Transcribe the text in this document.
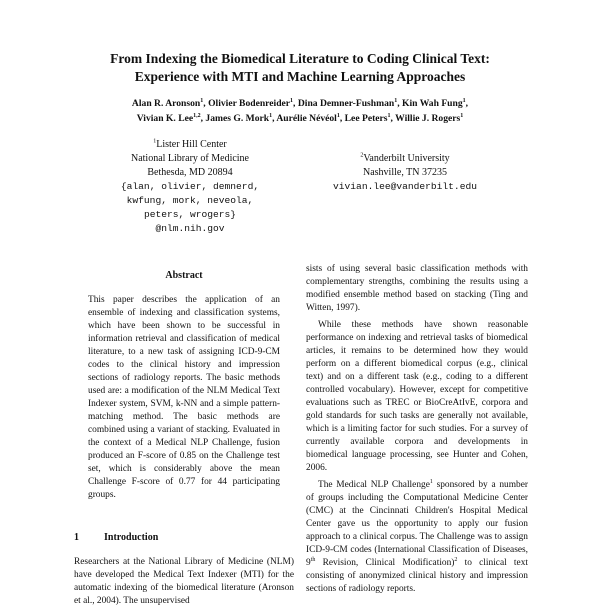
From Indexing the Biomedical Literature to Coding Clinical Text:
Experience with MTI and Machine Learning Approaches
Alan R. Aronson$^1$, Olivier Bodenreider$^1$, Dina Demner-Fushman$^1$, Kin Wah Fung$^1$,
Vivian K. Lee$^{1,2}$, James G. Mork$^1$, Aurélie Névéol$^1$, Lee Peters$^1$, Willie J. Rogers$^1$
$^1$Lister Hill Center
National Library of Medicine
Bethesda, MD 20894
{alan, olivier, demnerd,
kwfung, mork, neveola,
peters, wrogers}
@nlm.nih.gov
$^2$Vanderbilt University
Nashville, TN 37235
vivian.lee@vanderbilt.edu
Abstract
This paper describes the application of an ensemble of indexing and classification systems, which have been shown to be successful in information retrieval and classification of medical literature, to a new task of assigning ICD-9-CM codes to the clinical history and impression sections of radiology reports. The basic methods used are: a modification of the NLM Medical Text Indexer system, SVM, k-NN and a simple pattern-matching method. The basic methods are combined using a variant of stacking. Evaluated in the context of a Medical NLP Challenge, fusion produced an F-score of 0.85 on the Challenge test set, which is considerably above the mean Challenge F-score of 0.77 for 44 participating groups.
1	Introduction
Researchers at the National Library of Medicine (NLM) have developed the Medical Text Indexer (MTI) for the automatic indexing of the biomedical literature (Aronson et al., 2004). The unsupervised

sists of using several basic classification methods with complementary strengths, combining the results using a modified ensemble method based on stacking (Ting and Witten, 1997).

While these methods have shown reasonable performance on indexing and retrieval tasks of biomedical articles, it remains to be determined how they would perform on a different biomedical corpus (e.g., clinical text) and on a different task (e.g., coding to a different controlled vocabulary). However, except for competitive evaluations such as TREC or BioCreAtIvE, corpora and gold standards for such tasks are generally not available, which is a limiting factor for such studies. For a survey of currently available corpora and developments in biomedical language processing, see Hunter and Cohen, 2006.

The Medical NLP Challenge$^1$ sponsored by a number of groups including the Computational Medicine Center (CMC) at the Cincinnati Children's Hospital Medical Center gave us the opportunity to apply our fusion approach to a clinical corpus. The Challenge was to assign ICD-9-CM codes (International Classification of Diseases, 9th Revision, Clinical Modification)$^2$ to clinical text consisting of anonymized clinical history and impression sections of radiology reports.
